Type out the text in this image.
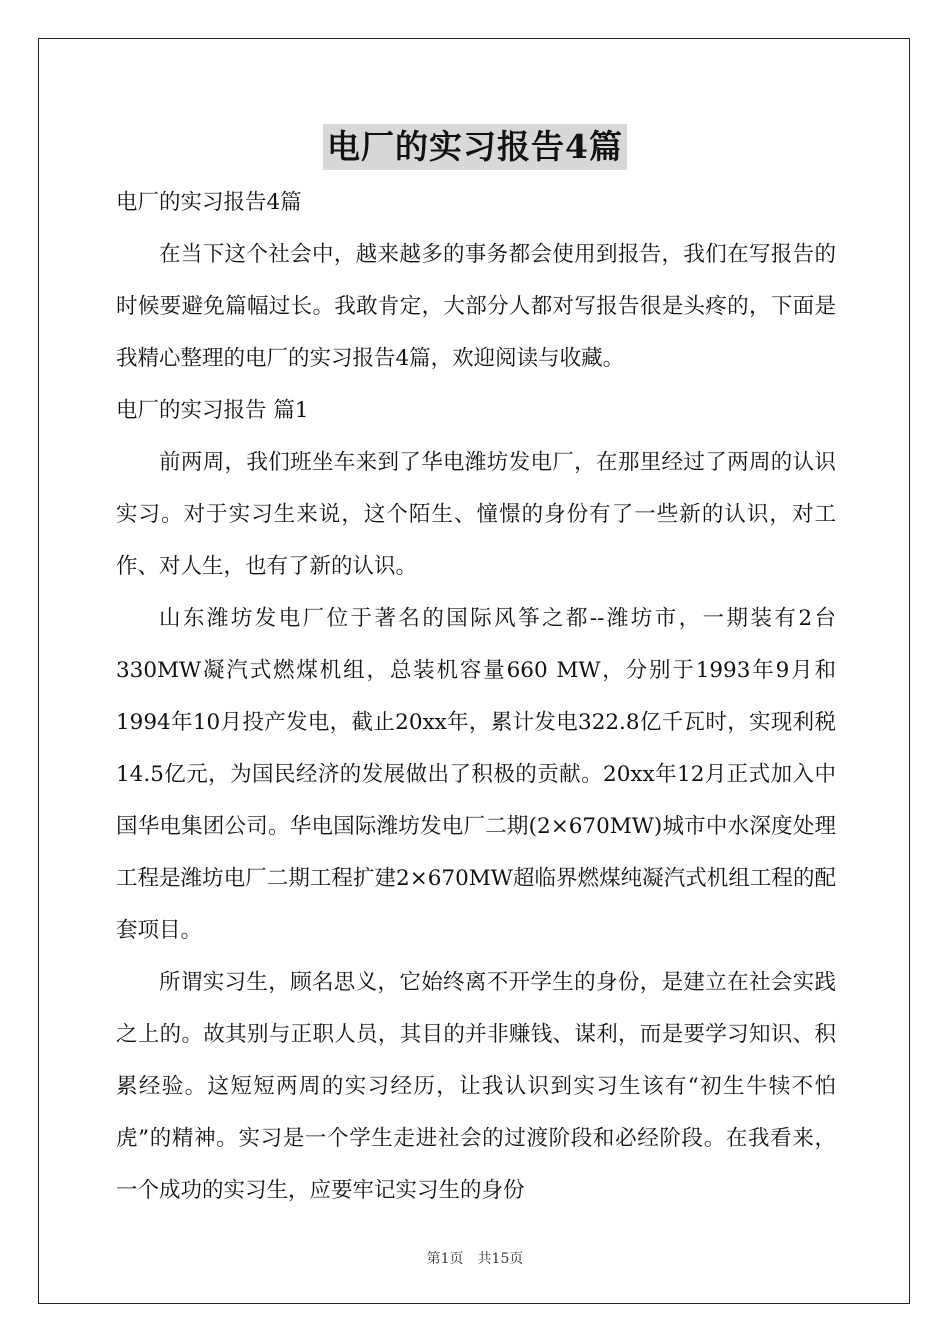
电厂的实习报告4篇

电厂的实习报告4篇

在当下这个社会中，越来越多的事务都会使用到报告，我们在写报告的时候要避免篇幅过长。我敢肯定，大部分人都对写报告很是头疼的，下面是我精心整理的电厂的实习报告4篇，欢迎阅读与收藏。

电厂的实习报告 篇1

前两周，我们班坐车来到了华电潍坊发电厂，在那里经过了两周的认识实习。对于实习生来说，这个陌生、憧憬的身份有了一些新的认识，对工作、对人生，也有了新的认识。

山东潍坊发电厂位于著名的国际风筝之都--潍坊市，一期装有2台330MW凝汽式燃煤机组，总装机容量660 MW，分别于1993年9月和1994年10月投产发电，截止20xx年，累计发电322.8亿千瓦时，实现利税14.5亿元，为国民经济的发展做出了积极的贡献。20xx年12月正式加入中国华电集团公司。华电国际潍坊发电厂二期(2×670MW)城市中水深度处理工程是潍坊电厂二期工程扩建2×670MW超临界燃煤纯凝汽式机组工程的配套项目。

所谓实习生，顾名思义，它始终离不开学生的身份，是建立在社会实践之上的。故其别与正职人员，其目的并非赚钱、谋利，而是要学习知识、积累经验。这短短两周的实习经历，让我认识到实习生该有“初生牛犊不怕虎”的精神。实习是一个学生走进社会的过渡阶段和必经阶段。在我看来，一个成功的实习生，应要牢记实习生的身份

第1页 共15页
